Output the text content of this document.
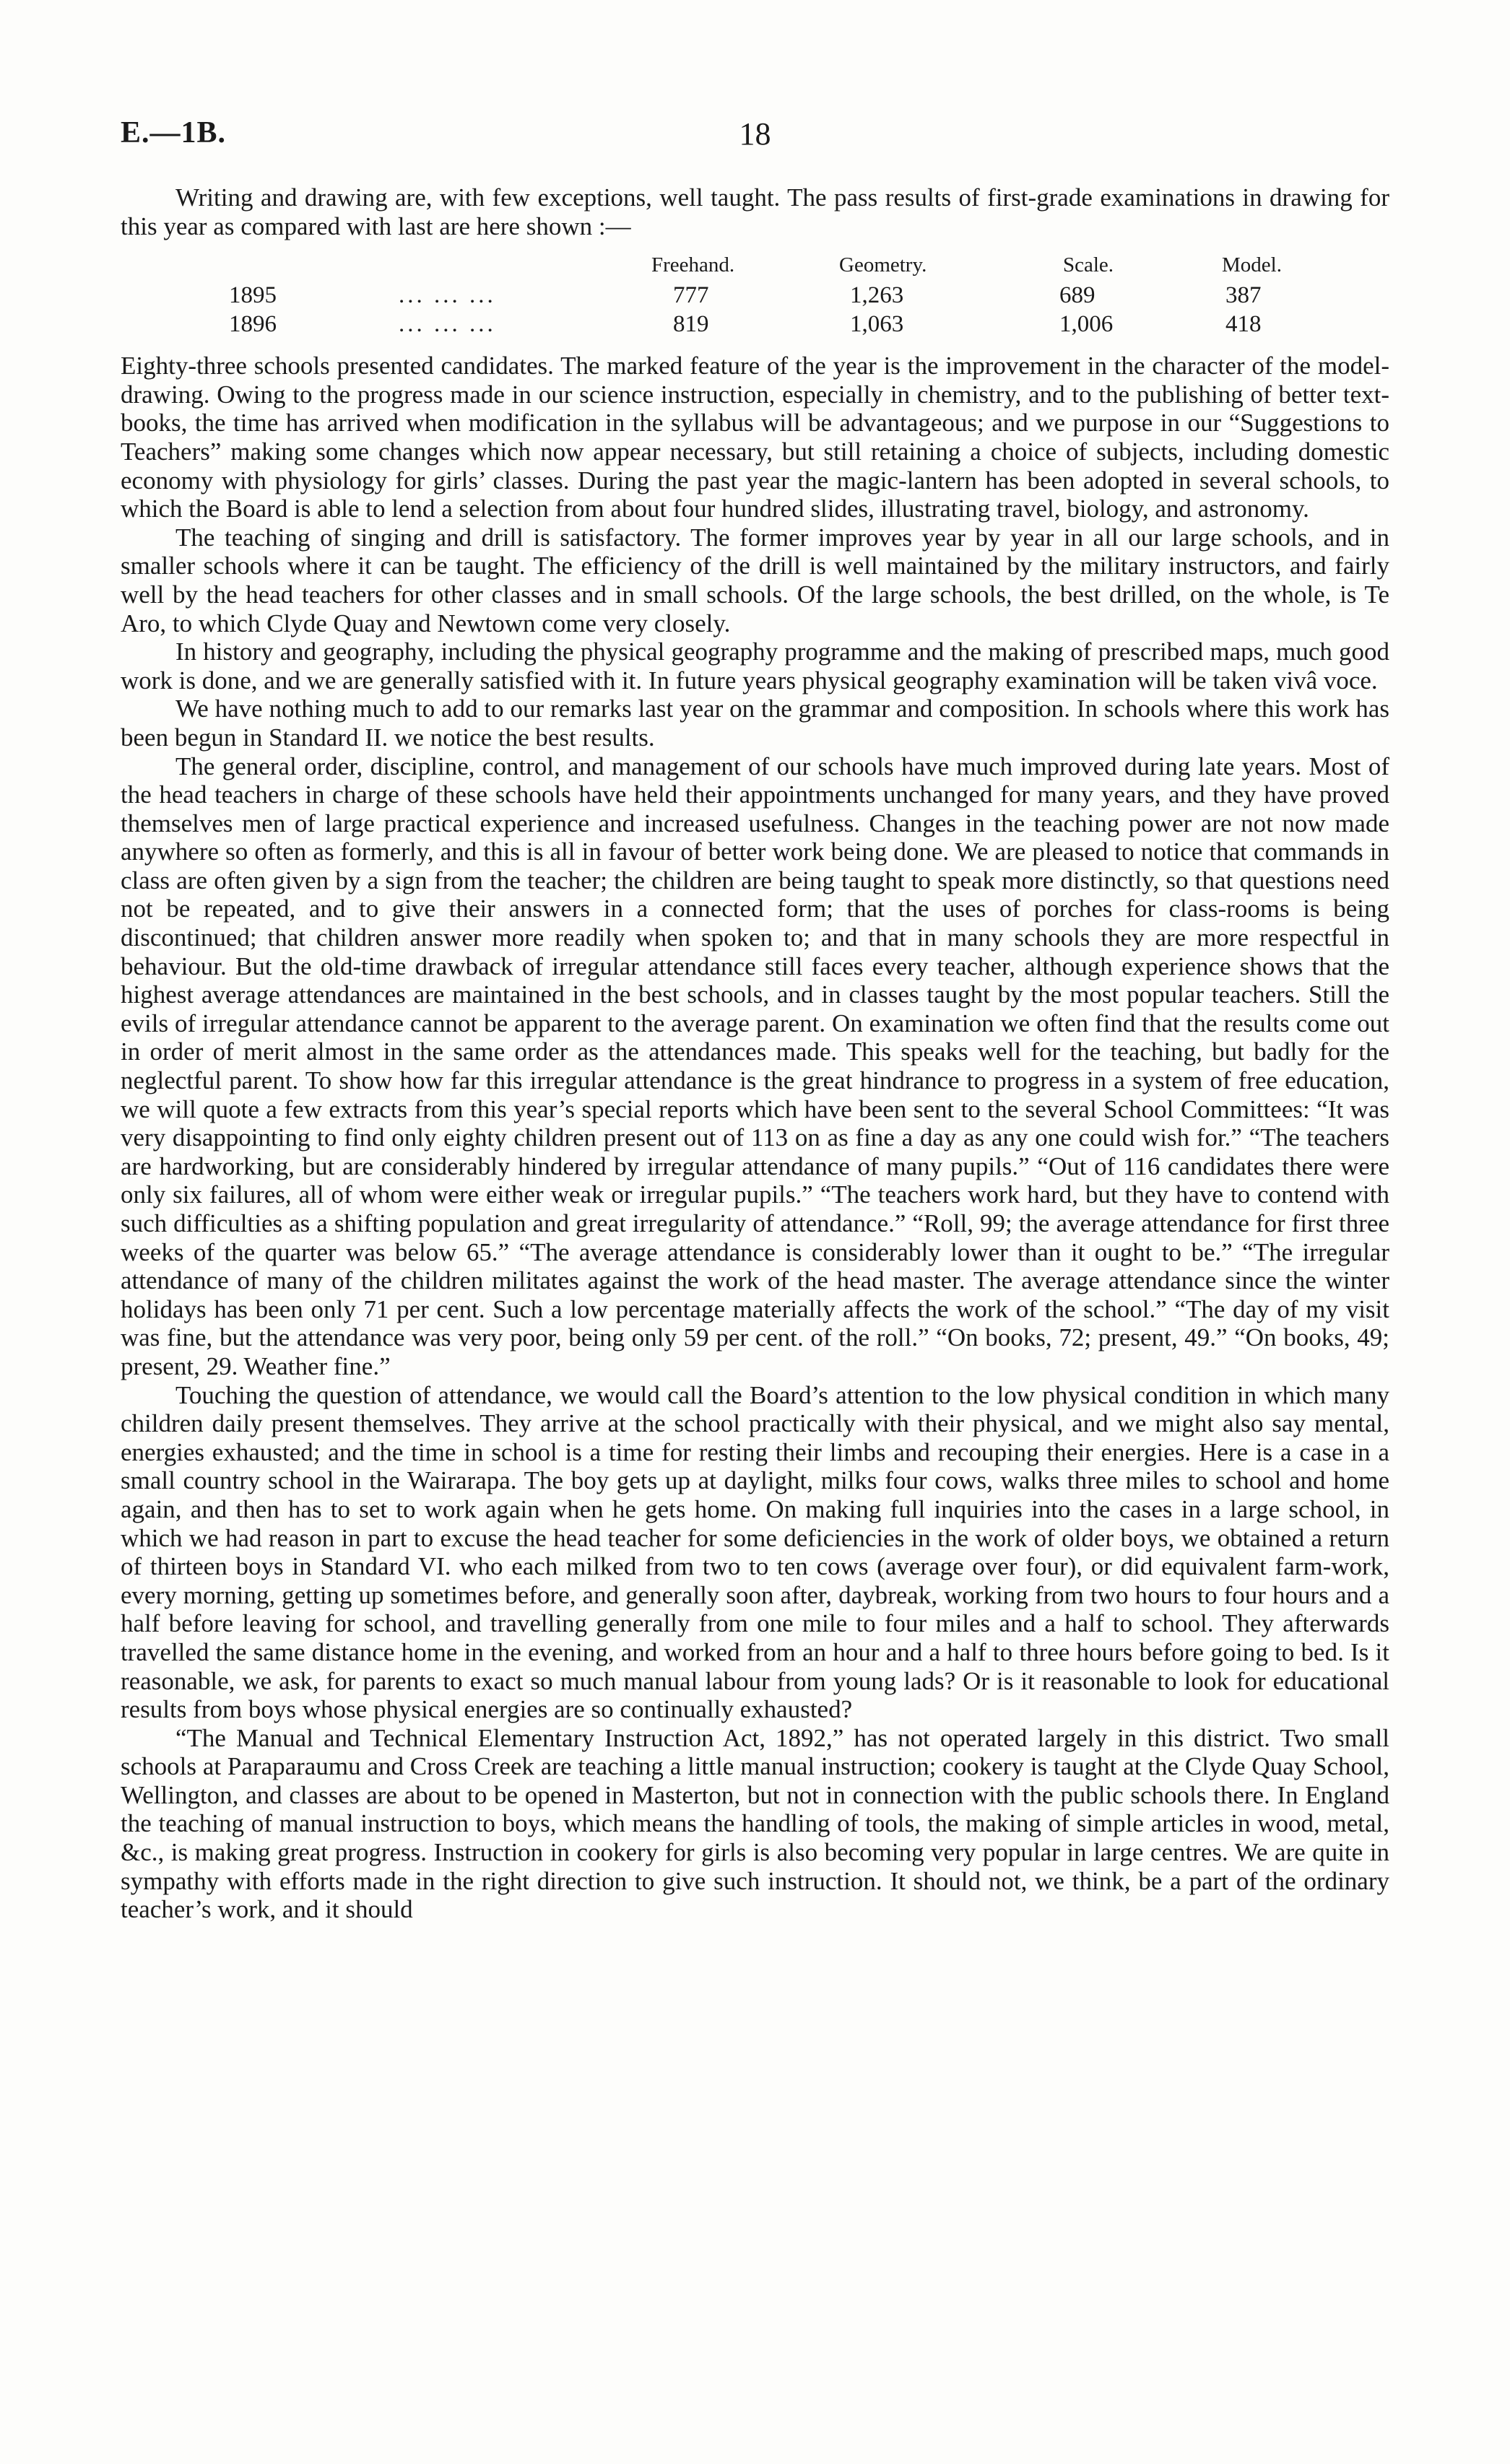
E.—1B.	18

Writing and drawing are, with few exceptions, well taught. The pass results of first-grade examinations in drawing for this year as compared with last are here shown :—

Freehand.	Geometry.	Scale.	Model.
1895	... ... ...	777	1,263	689	387
1896	... ... ...	819	1,063	1,006	418

Eighty-three schools presented candidates. The marked feature of the year is the improvement in the character of the model-drawing. Owing to the progress made in our science instruction, especially in chemistry, and to the publishing of better text-books, the time has arrived when modification in the syllabus will be advantageous; and we purpose in our “Suggestions to Teachers” making some changes which now appear necessary, but still retaining a choice of subjects, including domestic economy with physiology for girls’ classes. During the past year the magic-lantern has been adopted in several schools, to which the Board is able to lend a selection from about four hundred slides, illustrating travel, biology, and astronomy.

The teaching of singing and drill is satisfactory. The former improves year by year in all our large schools, and in smaller schools where it can be taught. The efficiency of the drill is well maintained by the military instructors, and fairly well by the head teachers for other classes and in small schools. Of the large schools, the best drilled, on the whole, is Te Aro, to which Clyde Quay and Newtown come very closely.

In history and geography, including the physical geography programme and the making of prescribed maps, much good work is done, and we are generally satisfied with it. In future years physical geography examination will be taken vivâ voce.

We have nothing much to add to our remarks last year on the grammar and composition. In schools where this work has been begun in Standard II. we notice the best results.

The general order, discipline, control, and management of our schools have much improved during late years. Most of the head teachers in charge of these schools have held their appointments unchanged for many years, and they have proved themselves men of large practical experience and increased usefulness. Changes in the teaching power are not now made anywhere so often as formerly, and this is all in favour of better work being done. We are pleased to notice that commands in class are often given by a sign from the teacher; the children are being taught to speak more distinctly, so that questions need not be repeated, and to give their answers in a connected form; that the uses of porches for class-rooms is being discontinued; that children answer more readily when spoken to; and that in many schools they are more respectful in behaviour. But the old-time drawback of irregular attendance still faces every teacher, although experience shows that the highest average attendances are maintained in the best schools, and in classes taught by the most popular teachers. Still the evils of irregular attendance cannot be apparent to the average parent. On examination we often find that the results come out in order of merit almost in the same order as the attendances made. This speaks well for the teaching, but badly for the neglectful parent. To show how far this irregular attendance is the great hindrance to progress in a system of free education, we will quote a few extracts from this year’s special reports which have been sent to the several School Committees: “It was very disappointing to find only eighty children present out of 113 on as fine a day as any one could wish for.” “The teachers are hardworking, but are considerably hindered by irregular attendance of many pupils.” “Out of 116 candidates there were only six failures, all of whom were either weak or irregular pupils.” “The teachers work hard, but they have to contend with such difficulties as a shifting population and great irregularity of attendance.” “Roll, 99; the average attendance for first three weeks of the quarter was below 65.” “The average attendance is considerably lower than it ought to be.” “The irregular attendance of many of the children militates against the work of the head master. The average attendance since the winter holidays has been only 71 per cent. Such a low percentage materially affects the work of the school.” “The day of my visit was fine, but the attendance was very poor, being only 59 per cent. of the roll.” “On books, 72; present, 49.” “On books, 49; present, 29. Weather fine.”

Touching the question of attendance, we would call the Board’s attention to the low physical condition in which many children daily present themselves. They arrive at the school practically with their physical, and we might also say mental, energies exhausted; and the time in school is a time for resting their limbs and recouping their energies. Here is a case in a small country school in the Wairarapa. The boy gets up at daylight, milks four cows, walks three miles to school and home again, and then has to set to work again when he gets home. On making full inquiries into the cases in a large school, in which we had reason in part to excuse the head teacher for some deficiencies in the work of older boys, we obtained a return of thirteen boys in Standard VI. who each milked from two to ten cows (average over four), or did equivalent farm-work, every morning, getting up sometimes before, and generally soon after, daybreak, working from two hours to four hours and a half before leaving for school, and travelling generally from one mile to four miles and a half to school. They afterwards travelled the same distance home in the evening, and worked from an hour and a half to three hours before going to bed. Is it reasonable, we ask, for parents to exact so much manual labour from young lads? Or is it reasonable to look for educational results from boys whose physical energies are so continually exhausted?

“The Manual and Technical Elementary Instruction Act, 1892,” has not operated largely in this district. Two small schools at Paraparaumu and Cross Creek are teaching a little manual instruction; cookery is taught at the Clyde Quay School, Wellington, and classes are about to be opened in Masterton, but not in connection with the public schools there. In England the teaching of manual instruction to boys, which means the handling of tools, the making of simple articles in wood, metal, &c., is making great progress. Instruction in cookery for girls is also becoming very popular in large centres. We are quite in sympathy with efforts made in the right direction to give such instruction. It should not, we think, be a part of the ordinary teacher’s work, and it should
